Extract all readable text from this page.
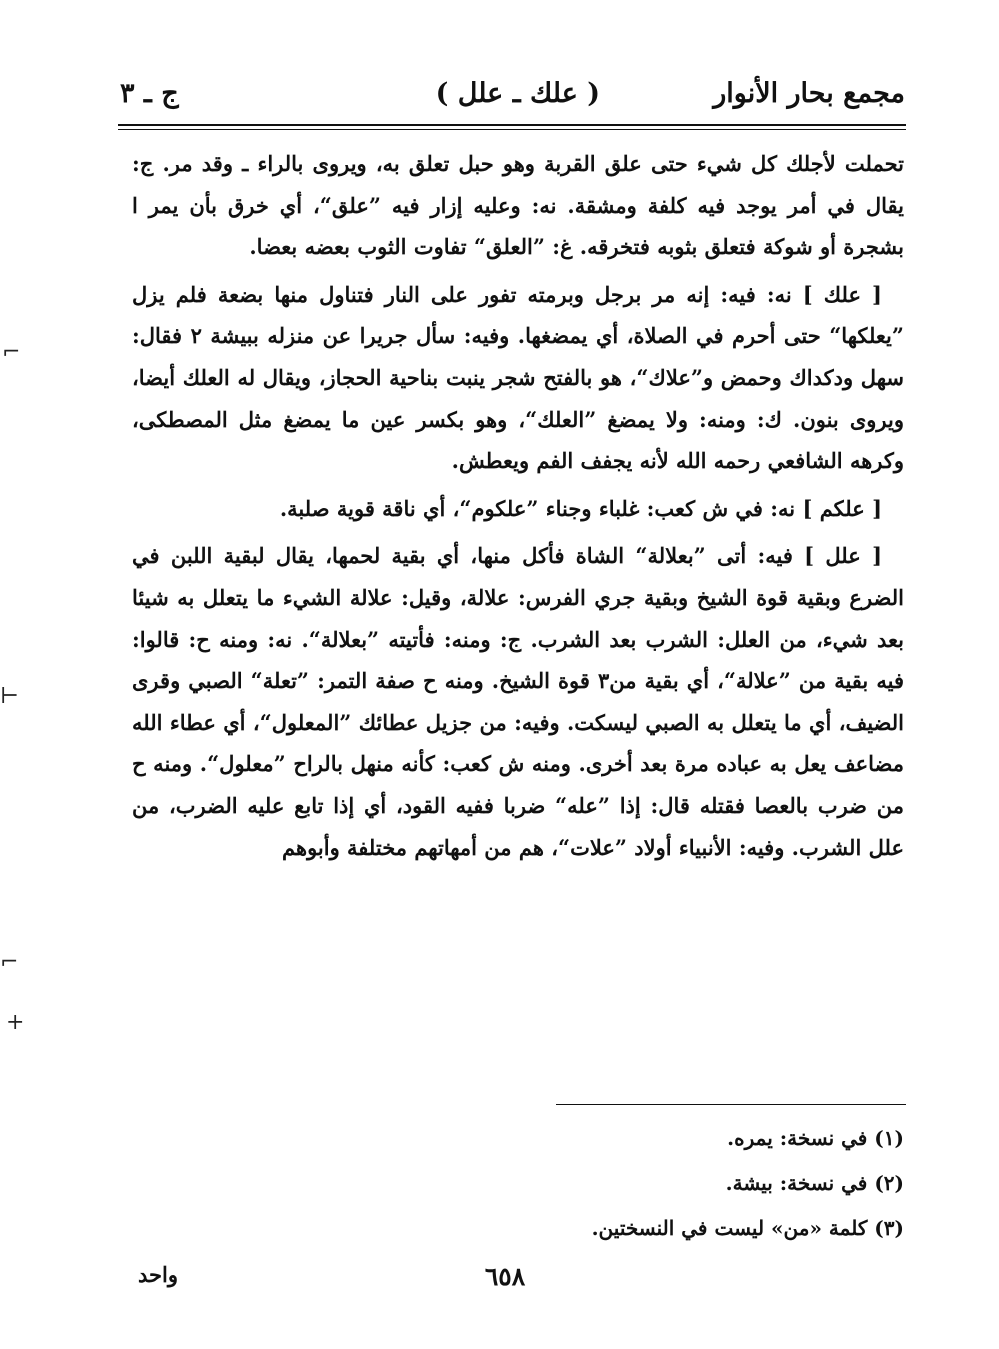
مجمع بحار الأنوار
( علك ـ علل )
ج ـ ٣

تحملت لأجلك كل شيء حتى علق القربة وهو حبل تعلق به، ويروى بالراء ـ وقد مر. ج: يقال في أمر يوجد فيه كلفة ومشقة. نه: وعليه إزار فيه ”علق“، أي خرق بأن يمر ا بشجرة أو شوكة فتعلق بثوبه فتخرقه. غ: ”العلق“ تفاوت الثوب بعضه بعضا.

[ علك ] نه: فيه: إنه مر برجل وبرمته تفور على النار فتناول منها بضعة فلم يزل ”يعلكها“ حتى أحرم في الصلاة، أي يمضغها. وفيه: سأل جريرا عن منزله ببيشة ٢ فقال: سهل ودكداك وحمض و”علاك“، هو بالفتح شجر ينبت بناحية الحجاز، ويقال له العلك أيضا، ويروى بنون. ك: ومنه: ولا يمضغ ”العلك“، وهو بكسر عين ما يمضغ مثل المصطكى، وكرهه الشافعي رحمه الله لأنه يجفف الفم ويعطش.

[ علكم ] نه: في ش كعب: غلباء وجناء ”علكوم“، أي ناقة قوية صلبة.

[ علل ] فيه: أتى ”بعلالة“ الشاة فأكل منها، أي بقية لحمها، يقال لبقية اللبن في الضرع وبقية قوة الشيخ وبقية جري الفرس: علالة، وقيل: علالة الشيء ما يتعلل به شيئا بعد شيء، من العلل: الشرب بعد الشرب. ج: ومنه: فأتيته ”بعلالة“. نه: ومنه ح: قالوا: فيه بقية من ”علالة“، أي بقية من٣ قوة الشيخ. ومنه ح صفة التمر: ”تعلة“ الصبي وقرى الضيف، أي ما يتعلل به الصبي ليسكت. وفيه: من جزيل عطائك ”المعلول“، أي عطاء الله مضاعف يعل به عباده مرة بعد أخرى. ومنه ش كعب: كأنه منهل بالراح ”معلول“. ومنه ح من ضرب بالعصا فقتله قال: إذا ”عله“ ضربا ففيه القود، أي إذا تابع عليه الضرب، من علل الشرب. وفيه: الأنبياء أولاد ”علات“، هم من أمهاتهم مختلفة وأبوهم

(١) في نسخة: يمره.
(٢) في نسخة: بيشة.
(٣) كلمة «من» ليست في النسختين.
واحد	٦٥٨
⌐
⊢
⌐
+
